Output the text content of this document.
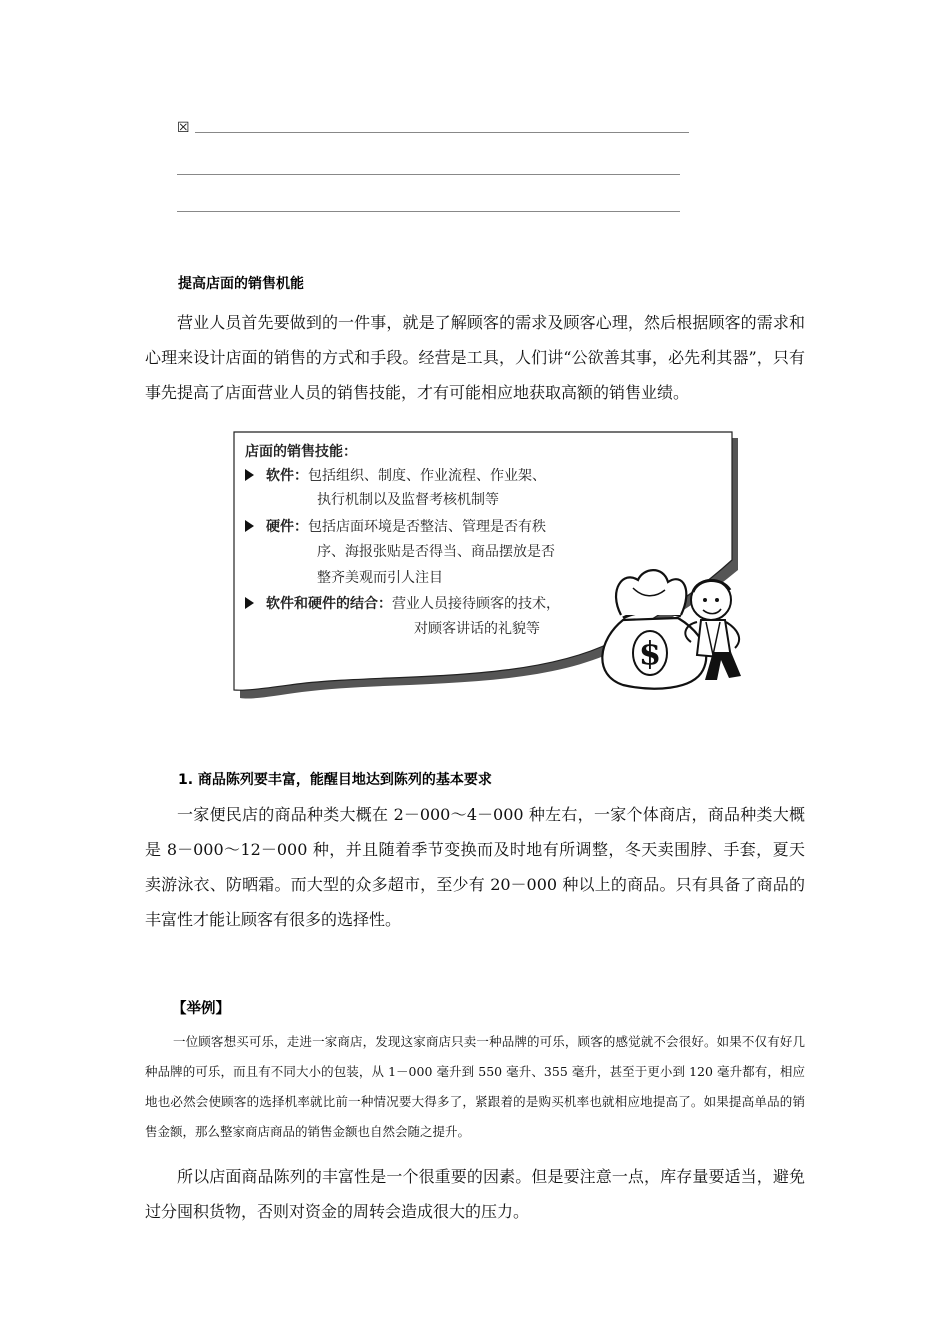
☒
提高店面的销售机能

营业人员首先要做到的一件事，就是了解顾客的需求及顾客心理，然后根据顾客的需求和心理来设计店面的销售的方式和手段。经营是工具，人们讲“公欲善其事，必先利其器”，只有事先提高了店面营业人员的销售技能，才有可能相应地获取高额的销售业绩。

店面的销售技能：
软件：包括组织、制度、作业流程、作业架、
执行机制以及监督考核机制等
硬件：包括店面环境是否整洁、管理是否有秩
序、海报张贴是否得当、商品摆放是否
整齐美观而引人注目
软件和硬件的结合：营业人员接待顾客的技术，
对顾客讲话的礼貌等
$
1. 商品陈列要丰富，能醒目地达到陈列的基本要求

一家便民店的商品种类大概在 2－000～4－000 种左右，一家个体商店，商品种类大概是 8－000～12－000 种，并且随着季节变换而及时地有所调整，冬天卖围脖、手套，夏天卖游泳衣、防晒霜。而大型的众多超市，至少有 20－000 种以上的商品。只有具备了商品的丰富性才能让顾客有很多的选择性。

【举例】

一位顾客想买可乐，走进一家商店，发现这家商店只卖一种品牌的可乐，顾客的感觉就不会很好。如果不仅有好几种品牌的可乐，而且有不同大小的包装，从 1－000 毫升到 550 毫升、355 毫升，甚至于更小到 120 毫升都有，相应地也必然会使顾客的选择机率就比前一种情况要大得多了，紧跟着的是购买机率也就相应地提高了。如果提高单品的销售金额，那么整家商店商品的销售金额也自然会随之提升。

所以店面商品陈列的丰富性是一个很重要的因素。但是要注意一点，库存量要适当，避免过分囤积货物，否则对资金的周转会造成很大的压力。
